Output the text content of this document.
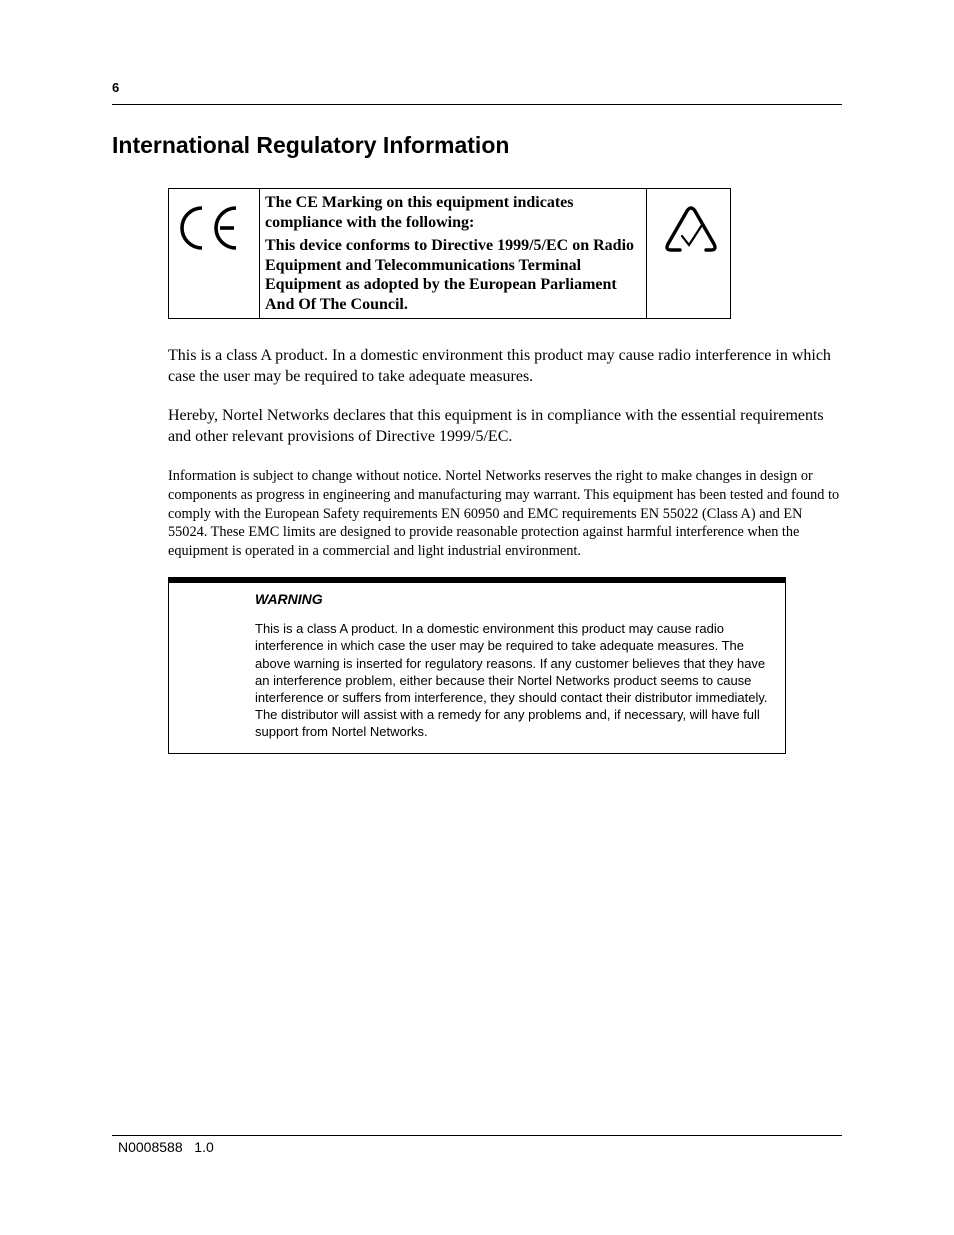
6
International Regulatory Information

The CE Marking on this equipment indicates compliance with the following:

This device conforms to Directive 1999/5/EC on Radio Equipment and Telecommunications Terminal Equipment as adopted by the European Parliament And Of The Council.

This is a class A product. In a domestic environment this product may cause radio interference in which case the user may be required to take adequate measures.

Hereby, Nortel Networks declares that this equipment is in compliance with the essential requirements and other relevant provisions of Directive 1999/5/EC.

Information is subject to change without notice. Nortel Networks reserves the right to make changes in design or components as progress in engineering and manufacturing may warrant. This equipment has been tested and found to comply with the European Safety requirements EN 60950 and EMC requirements EN 55022 (Class A) and EN 55024. These EMC limits are designed to provide reasonable protection against harmful interference when the equipment is operated in a commercial and light industrial environment.

WARNING

This is a class A product. In a domestic environment this product may cause radio interference in which case the user may be required to take adequate measures. The above warning is inserted for regulatory reasons. If any customer believes that they have an interference problem, either because their Nortel Networks product seems to cause interference or suffers from interference, they should contact their distributor immediately. The distributor will assist with a remedy for any problems and, if necessary, will have full support from Nortel Networks.

N0008588   1.0
